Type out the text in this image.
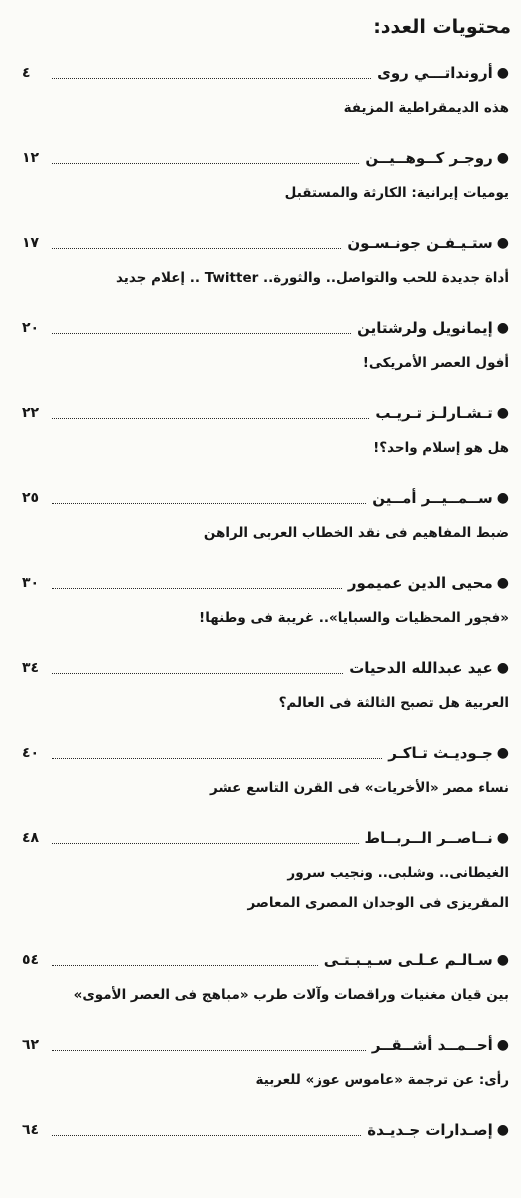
محتويات العدد:
●
أروندا‌تـــي روى
٤
هذه الديمقراطية المزيفة
●
روجـر كــوهــيــن
١٢
يوميات إيرانية: الكارثة والمستقبل
●
ستـيـفـن جونـسـون
١٧
أداة جديدة للحب والتواصل.. والثورة.. Twitter .. إعلام جديد
●
إيمانويل ولرشتاين
٢٠
أفول العصر الأمريكى!
●
تـشـارلـز تـريـب
٢٢
هل هو إسلام واحد؟!
●
ســمــيــر أمــين
٢٥
ضبط المفاهيم فى نقد الخطاب العربى الراهن
●
محيى الدين عميمور
٣٠
«فجور المحظيات والسبايا».. غريبة فى وطنها!
●
عيد عبدالله الدحيات
٣٤
العربية هل تصبح الثالثة فى العالم؟
●
جـوديـث تـاكـر
٤٠
نساء مصر «الأخريات» فى القرن التاسع عشر
●
نــاصــر الــربــاط
٤٨
الغيطانى.. وشلبى.. ونجيب سرور
المقريزى فى الوجدان المصرى المعاصر
●
سـالـم عـلـى سـيـبـتـى
٥٤
بين قيان مغنيات وراقصات وآلات طرب «مباهج فى العصر الأموى»
●
أحــمــد أشــقــر
٦٢
رأى: عن ترجمة «عاموس عوز» للعربية
●
إصـدارات جـديـدة
٦٤
